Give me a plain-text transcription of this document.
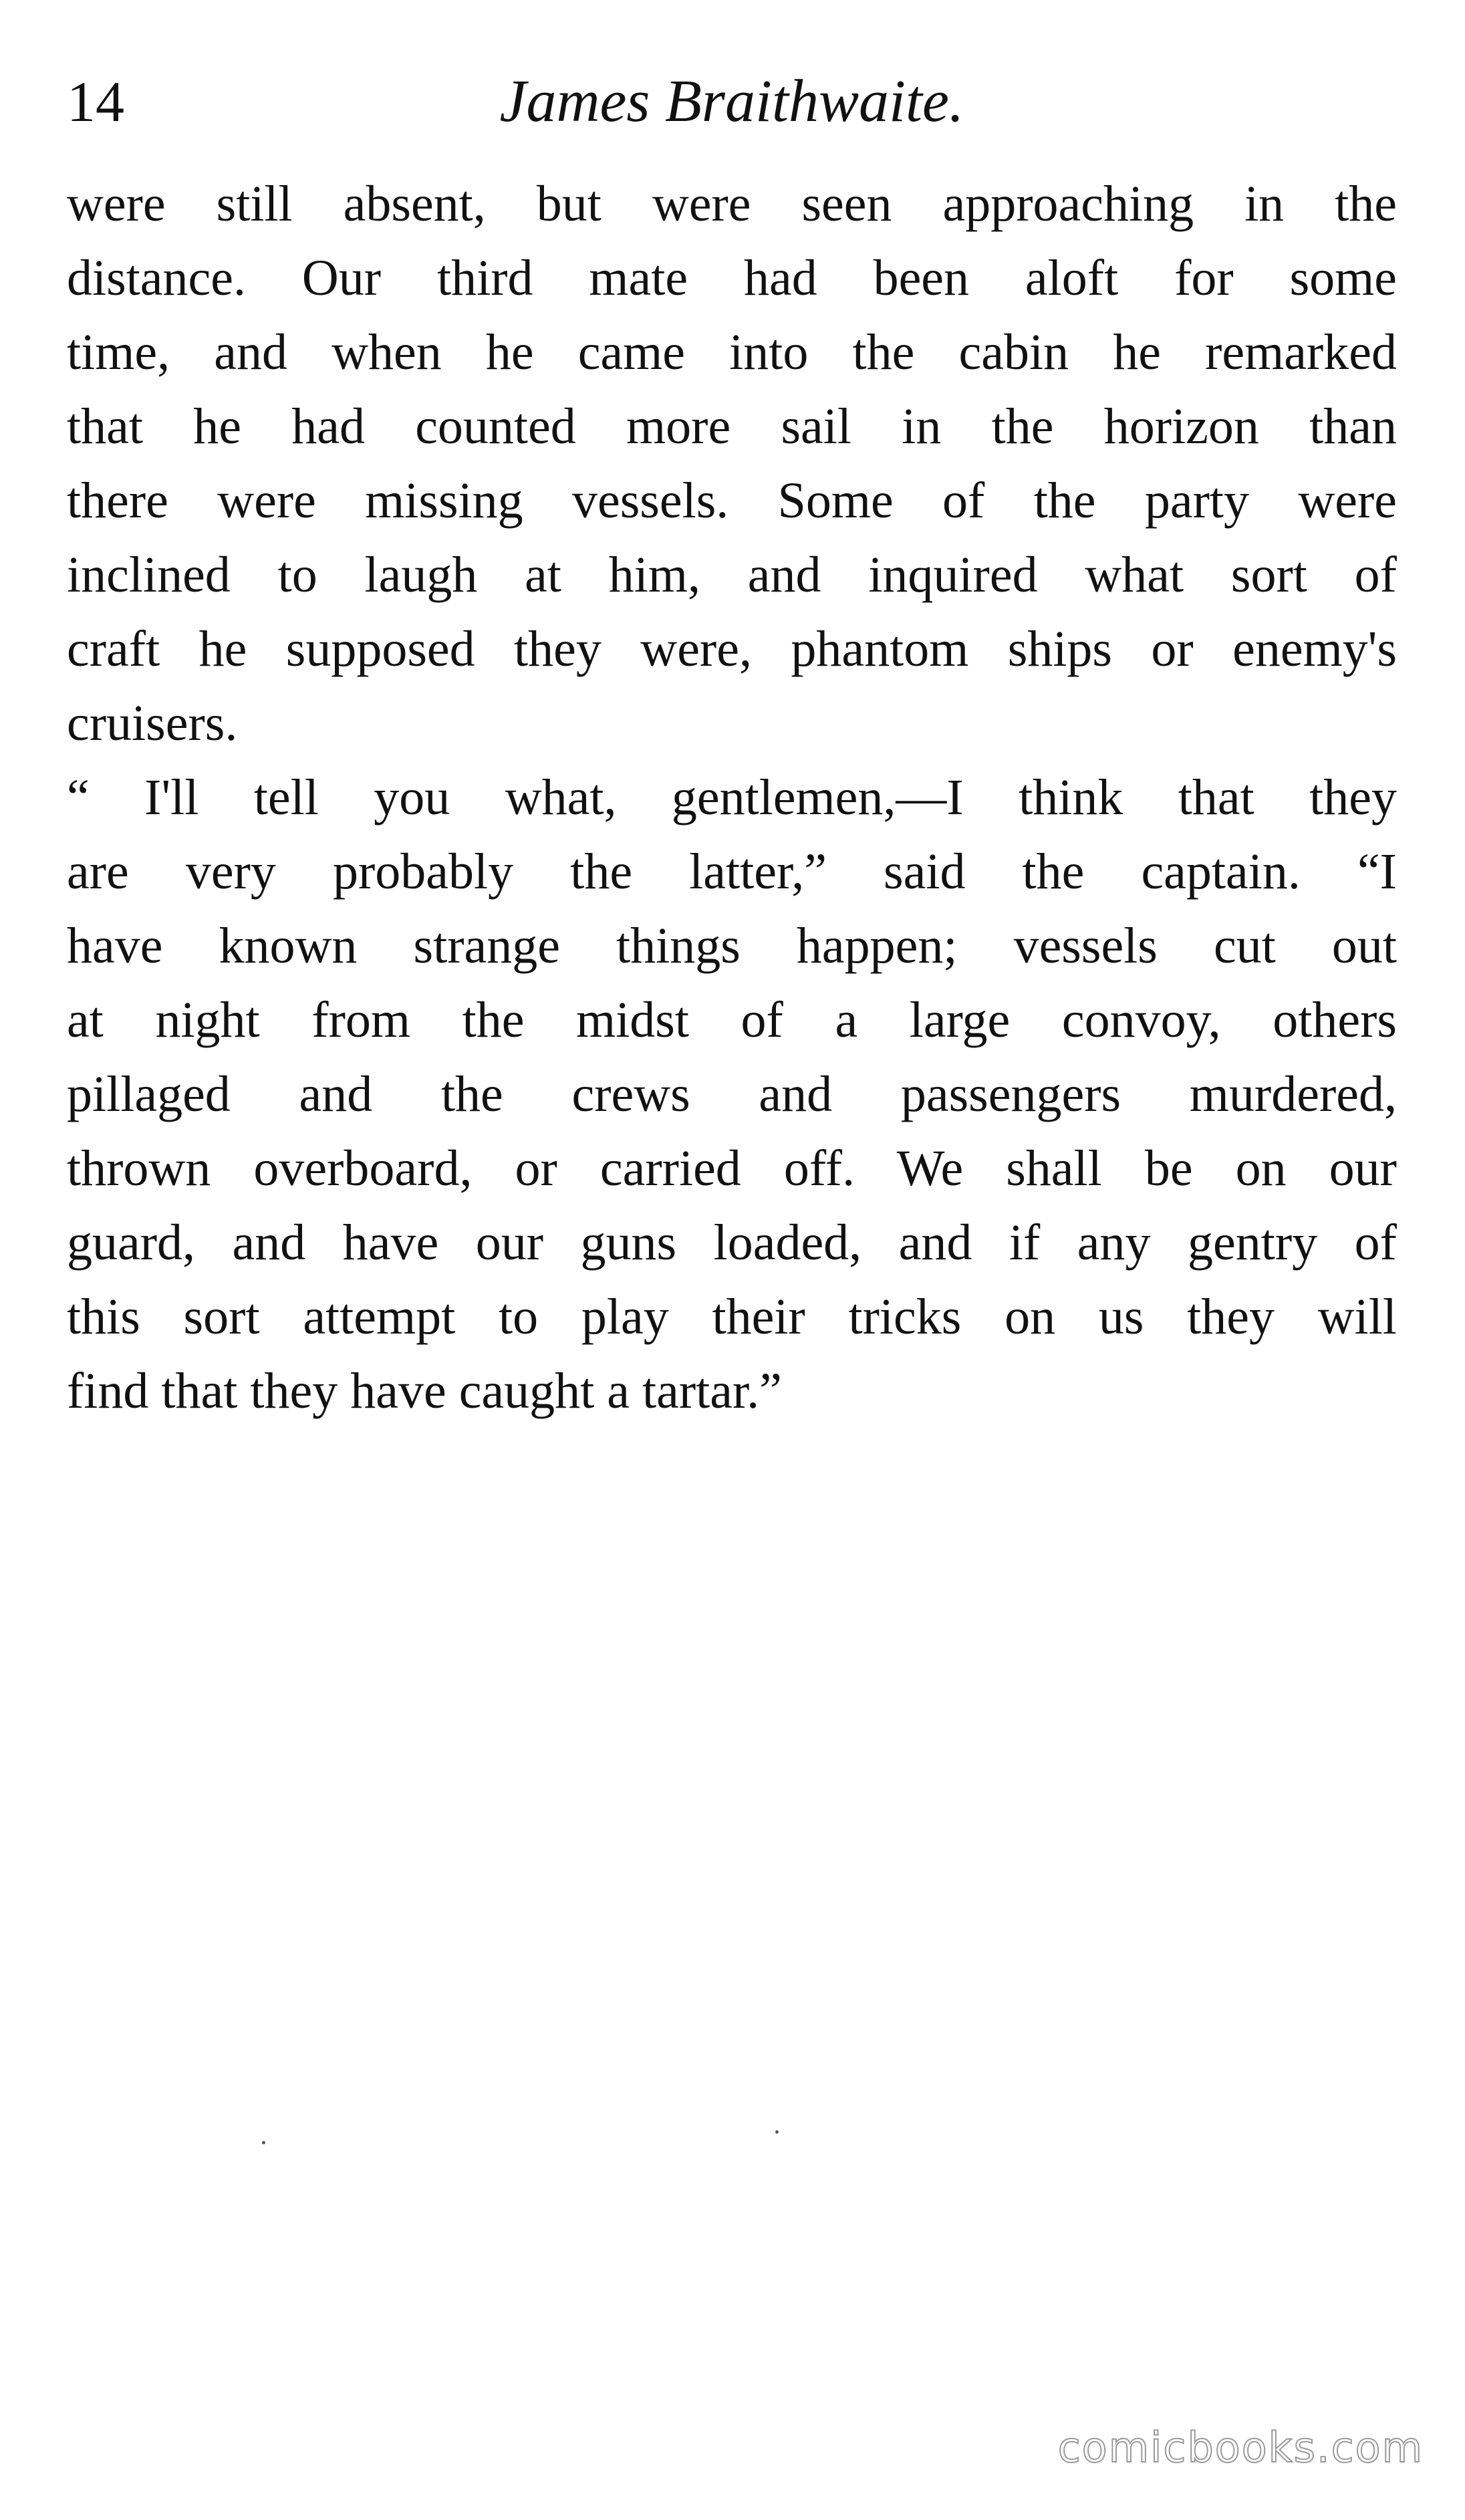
14	James Braithwaite.
were still absent, but were seen approaching in the
distance. Our third mate had been aloft for some
time, and when he came into the cabin he remarked
that he had counted more sail in the horizon than
there were missing vessels. Some of the party were
inclined to laugh at him, and inquired what sort of
craft he supposed they were, phantom ships or enemy's
cruisers.
“ I'll tell you what, gentlemen,—I think that they
are very probably the latter,” said the captain. “I
have known strange things happen; vessels cut out
at night from the midst of a large convoy, others
pillaged and the crews and passengers murdered,
thrown overboard, or carried off. We shall be on our
guard, and have our guns loaded, and if any gentry of
this sort attempt to play their tricks on us they will
find that they have caught a tartar.”
comicbooks.com
